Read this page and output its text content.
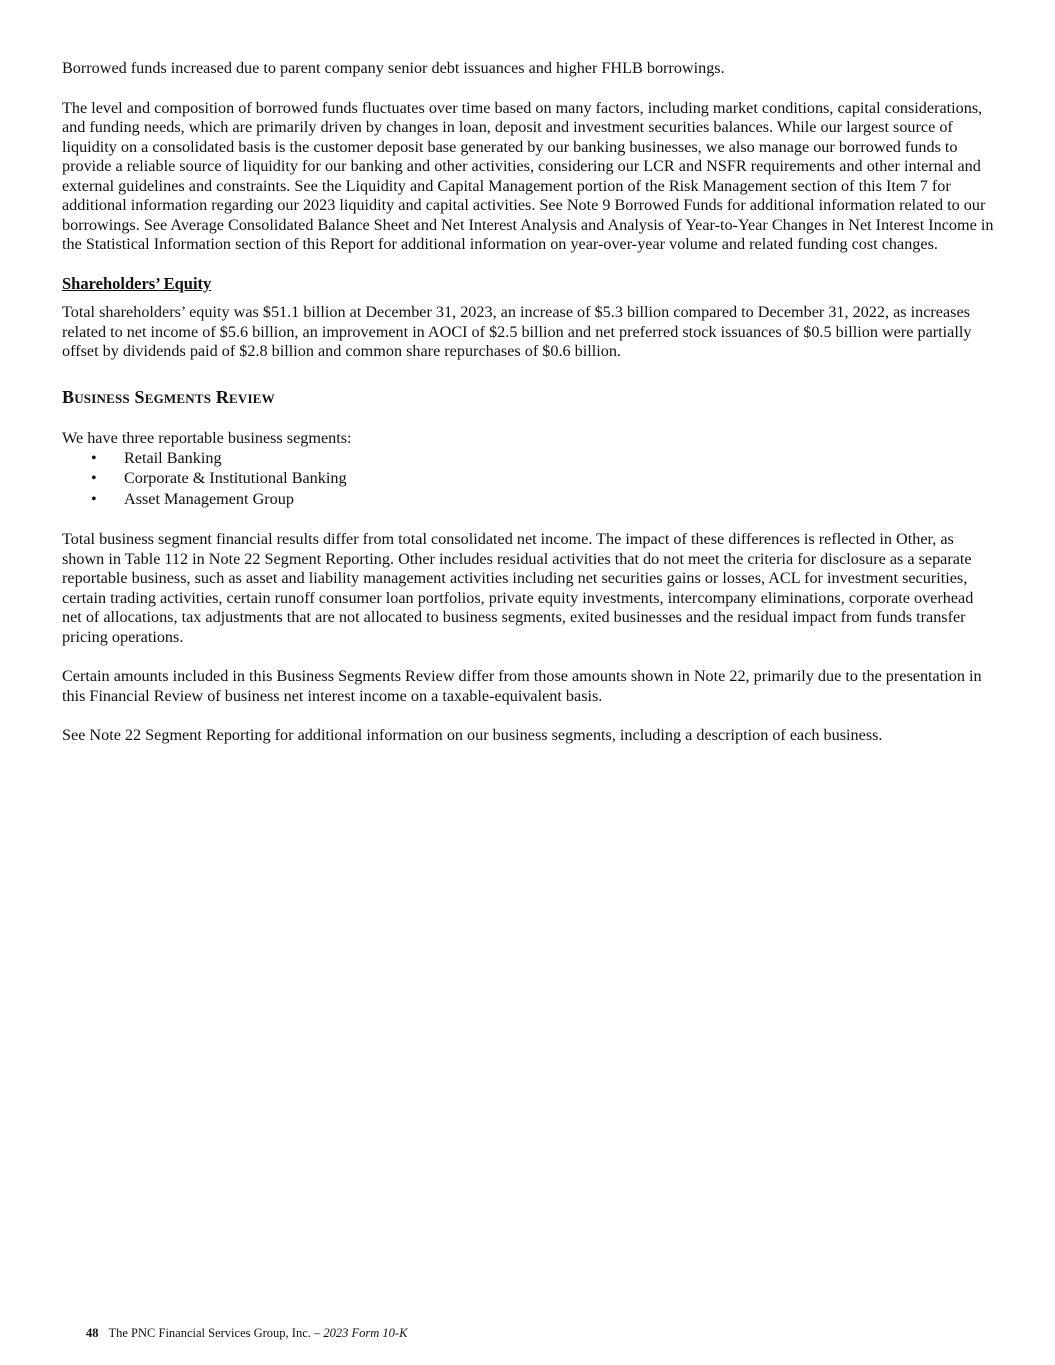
Borrowed funds increased due to parent company senior debt issuances and higher FHLB borrowings.

The level and composition of borrowed funds fluctuates over time based on many factors, including market conditions, capital considerations, and funding needs, which are primarily driven by changes in loan, deposit and investment securities balances. While our largest source of liquidity on a consolidated basis is the customer deposit base generated by our banking businesses, we also manage our borrowed funds to provide a reliable source of liquidity for our banking and other activities, considering our LCR and NSFR requirements and other internal and external guidelines and constraints. See the Liquidity and Capital Management portion of the Risk Management section of this Item 7 for additional information regarding our 2023 liquidity and capital activities. See Note 9 Borrowed Funds for additional information related to our borrowings. See Average Consolidated Balance Sheet and Net Interest Analysis and Analysis of Year-to-Year Changes in Net Interest Income in the Statistical Information section of this Report for additional information on year-over-year volume and related funding cost changes.

Shareholders’ Equity

Total shareholders’ equity was $51.1 billion at December 31, 2023, an increase of $5.3 billion compared to December 31, 2022, as increases related to net income of $5.6 billion, an improvement in AOCI of $2.5 billion and net preferred stock issuances of $0.5 billion were partially offset by dividends paid of $2.8 billion and common share repurchases of $0.6 billion.

Business Segments Review

We have three reportable business segments:

• Retail Banking
• Corporate & Institutional Banking
• Asset Management Group

Total business segment financial results differ from total consolidated net income. The impact of these differences is reflected in Other, as shown in Table 112 in Note 22 Segment Reporting. Other includes residual activities that do not meet the criteria for disclosure as a separate reportable business, such as asset and liability management activities including net securities gains or losses, ACL for investment securities, certain trading activities, certain runoff consumer loan portfolios, private equity investments, intercompany eliminations, corporate overhead net of allocations, tax adjustments that are not allocated to business segments, exited businesses and the residual impact from funds transfer pricing operations.

Certain amounts included in this Business Segments Review differ from those amounts shown in Note 22, primarily due to the presentation in this Financial Review of business net interest income on a taxable-equivalent basis.

See Note 22 Segment Reporting for additional information on our business segments, including a description of each business.

48 The PNC Financial Services Group, Inc. – 2023 Form 10-K
